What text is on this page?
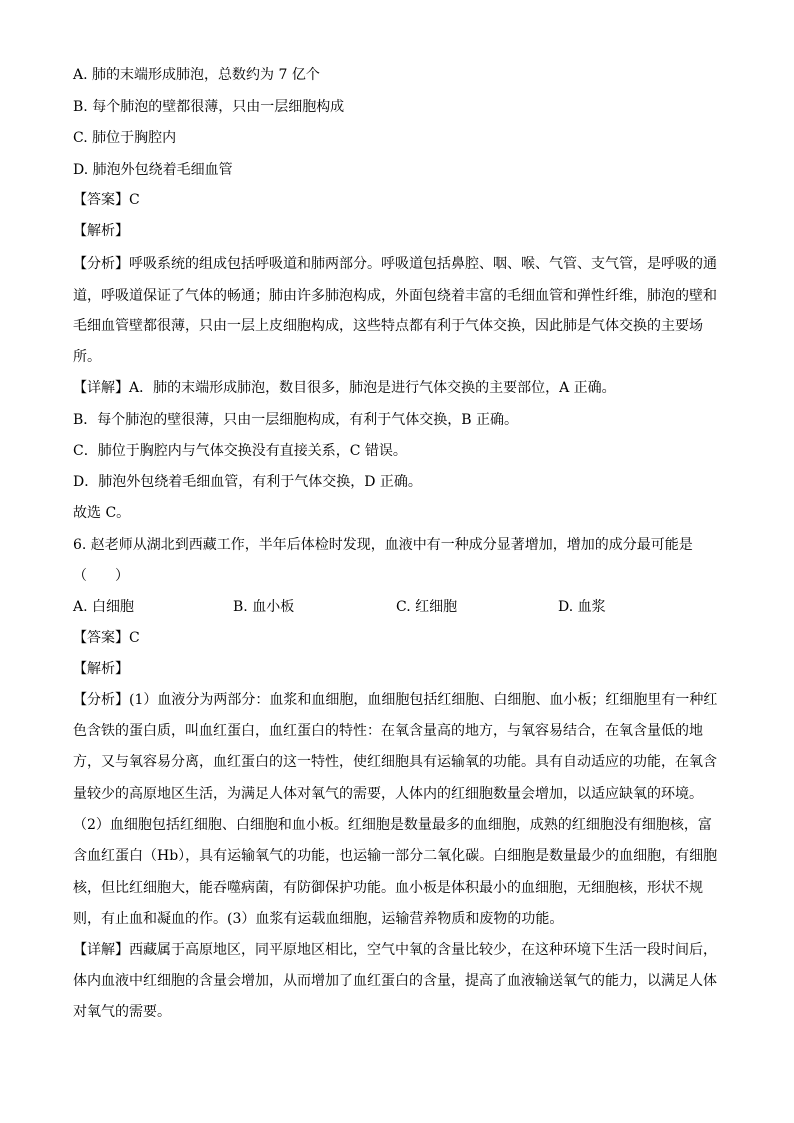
A. 肺的末端形成肺泡，总数约为 7 亿个
B. 每个肺泡的壁都很薄，只由一层细胞构成
C. 肺位于胸腔内
D. 肺泡外包绕着毛细血管
【答案】C
【解析】
【分析】呼吸系统的组成包括呼吸道和肺两部分。呼吸道包括鼻腔、咽、喉、气管、支气管，是呼吸的通
道，呼吸道保证了气体的畅通；肺由许多肺泡构成，外面包绕着丰富的毛细血管和弹性纤维，肺泡的壁和
毛细血管壁都很薄，只由一层上皮细胞构成，这些特点都有利于气体交换，因此肺是气体交换的主要场
所。
【详解】A．肺的末端形成肺泡，数目很多，肺泡是进行气体交换的主要部位，A 正确。
B．每个肺泡的壁很薄，只由一层细胞构成，有利于气体交换，B 正确。
C．肺位于胸腔内与气体交换没有直接关系，C 错误。
D．肺泡外包绕着毛细血管，有利于气体交换，D 正确。
故选 C。
6. 赵老师从湖北到西藏工作，半年后体检时发现，血液中有一种成分显著增加，增加的成分最可能是
（　　）
A. 白细胞	B. 血小板	C. 红细胞	D. 血浆
【答案】C
【解析】
【分析】(1）血液分为两部分：血浆和血细胞，血细胞包括红细胞、白细胞、血小板；红细胞里有一种红
色含铁的蛋白质，叫血红蛋白，血红蛋白的特性：在氧含量高的地方，与氧容易结合，在氧含量低的地
方，又与氧容易分离，血红蛋白的这一特性，使红细胞具有运输氧的功能。具有自动适应的功能，在氧含
量较少的高原地区生活，为满足人体对氧气的需要，人体内的红细胞数量会增加，以适应缺氧的环境。
（2）血细胞包括红细胞、白细胞和血小板。红细胞是数量最多的血细胞，成熟的红细胞没有细胞核，富
含血红蛋白（Hb），具有运输氧气的功能，也运输一部分二氧化碳。白细胞是数量最少的血细胞，有细胞
核，但比红细胞大，能吞噬病菌，有防御保护功能。血小板是体积最小的血细胞，无细胞核，形状不规
则，有止血和凝血的作。(3）血浆有运载血细胞，运输营养物质和废物的功能。
【详解】西藏属于高原地区，同平原地区相比，空气中氧的含量比较少，在这种环境下生活一段时间后，
体内血液中红细胞的含量会增加，从而增加了血红蛋白的含量，提高了血液输送氧气的能力，以满足人体
对氧气的需要。
